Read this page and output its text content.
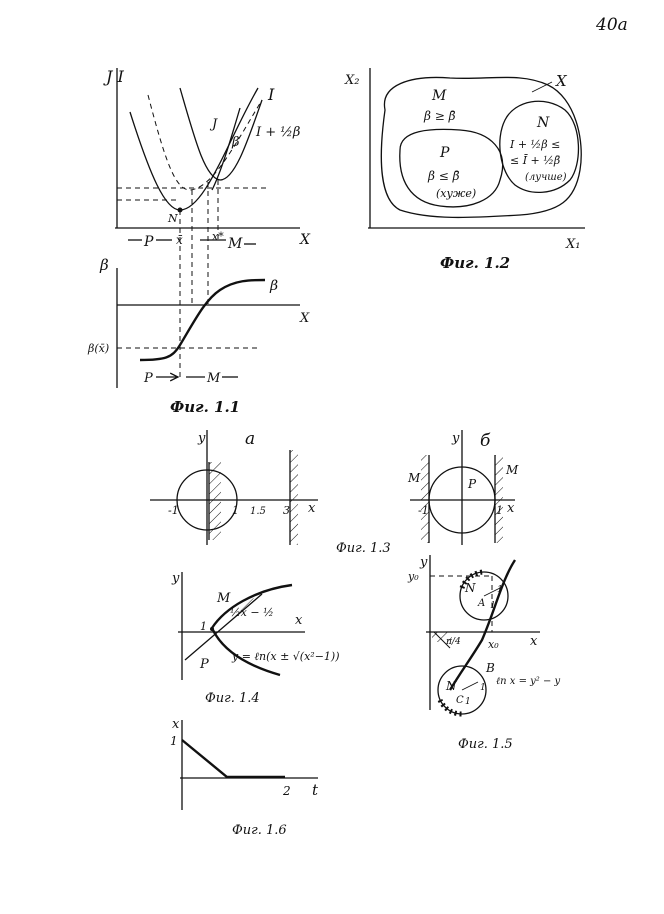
40a
J I
X
I
J
β
I + ½β
N
x̄	x*
P	M
β
X
β
β(x̄)
P	M
Фиг. 1.1
X₂
X₁
X
M
β ≥ β̄
P
β ≤ β̄
(хуже)
N
I + ½β ≤
≤ Ī + ½β̄
(лучше)
Фиг. 1.2
y
x
а
-1	1 1.5 3
Фиг. 1.3
y
x
б
M
M
P
-1	1
y
x
1
M
½x − ½
P
y = ℓn(x ± √(x²−1))
Фиг. 1.4
y
x
y₀
x₀
N
A 1
1
π/4
B
ℓn x = y² − y
N
C 1
1
Фиг. 1.5
x
t
1
2
Фиг. 1.6
